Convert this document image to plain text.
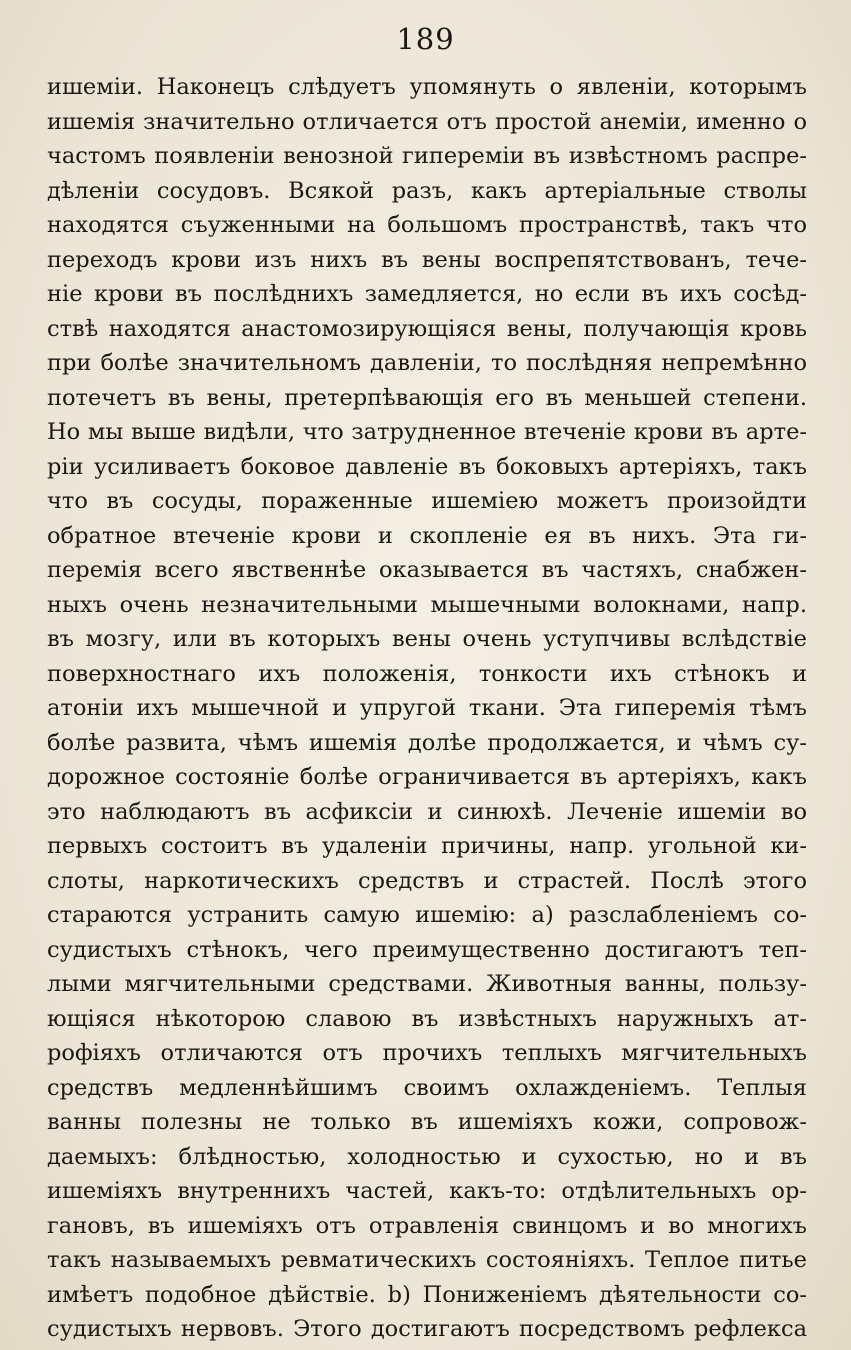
189
ишеміи. Наконецъ слѣдуетъ упомянуть о явленіи, которымъ
ишемія значительно отличается отъ простой анеміи, именно о
частомъ появленіи венозной гипереміи въ извѣстномъ распре-
дѣленіи сосудовъ. Всякой разъ, какъ артеріальные стволы
находятся съуженными на большомъ пространствѣ, такъ что
переходъ крови изъ нихъ въ вены воспрепятствованъ, тече-
ніе крови въ послѣднихъ замедляется, но если въ ихъ сосѣд-
ствѣ находятся анастомозирующіяся вены, получающія кровь
при болѣе значительномъ давленіи, то послѣдняя непремѣнно
потечетъ въ вены, претерпѣвающія его въ меньшей степени.
Но мы выше видѣли, что затрудненное втеченіе крови въ арте-
ріи усиливаетъ боковое давленіе въ боковыхъ артеріяхъ, такъ
что въ сосуды, пораженные ишеміею можетъ произойдти
обратное втеченіе крови и скопленіе ея въ нихъ. Эта ги-
перемія всего явственнѣе оказывается въ частяхъ, снабжен-
ныхъ очень незначительными мышечными волокнами, напр.
въ мозгу, или въ которыхъ вены очень уступчивы вслѣдствіе
поверхностнаго ихъ положенія, тонкости ихъ стѣнокъ и
атоніи ихъ мышечной и упругой ткани. Эта гиперемія тѣмъ
болѣе развита, чѣмъ ишемія долѣе продолжается, и чѣмъ су-
дорожное состояніе болѣе ограничивается въ артеріяхъ, какъ
это наблюдаютъ въ асфиксіи и синюхѣ. Леченіе ишеміи во
первыхъ состоитъ въ удаленіи причины, напр. угольной ки-
слоты, наркотическихъ средствъ и страстей. Послѣ этого
стараются устранить самую ишемію: а) разслабленіемъ со-
судистыхъ стѣнокъ, чего преимущественно достигаютъ теп-
лыми мягчительными средствами. Животныя ванны, пользу-
ющіяся нѣкоторою славою въ извѣстныхъ наружныхъ ат-
рофіяхъ отличаются отъ прочихъ теплыхъ мягчительныхъ
средствъ медленнѣйшимъ своимъ охлажденіемъ. Теплыя
ванны полезны не только въ ишеміяхъ кожи, сопровож-
даемыхъ: блѣдностью, холодностью и сухостью, но и въ
ишеміяхъ внутреннихъ частей, какъ-то: отдѣлительныхъ ор-
гановъ, въ ишеміяхъ отъ отравленія свинцомъ и во многихъ
такъ называемыхъ ревматическихъ состояніяхъ. Теплое питье
имѣетъ подобное дѣйствіе. b) Пониженіемъ дѣятельности со-
судистыхъ нервовъ. Этого достигаютъ посредствомъ рефлекса
